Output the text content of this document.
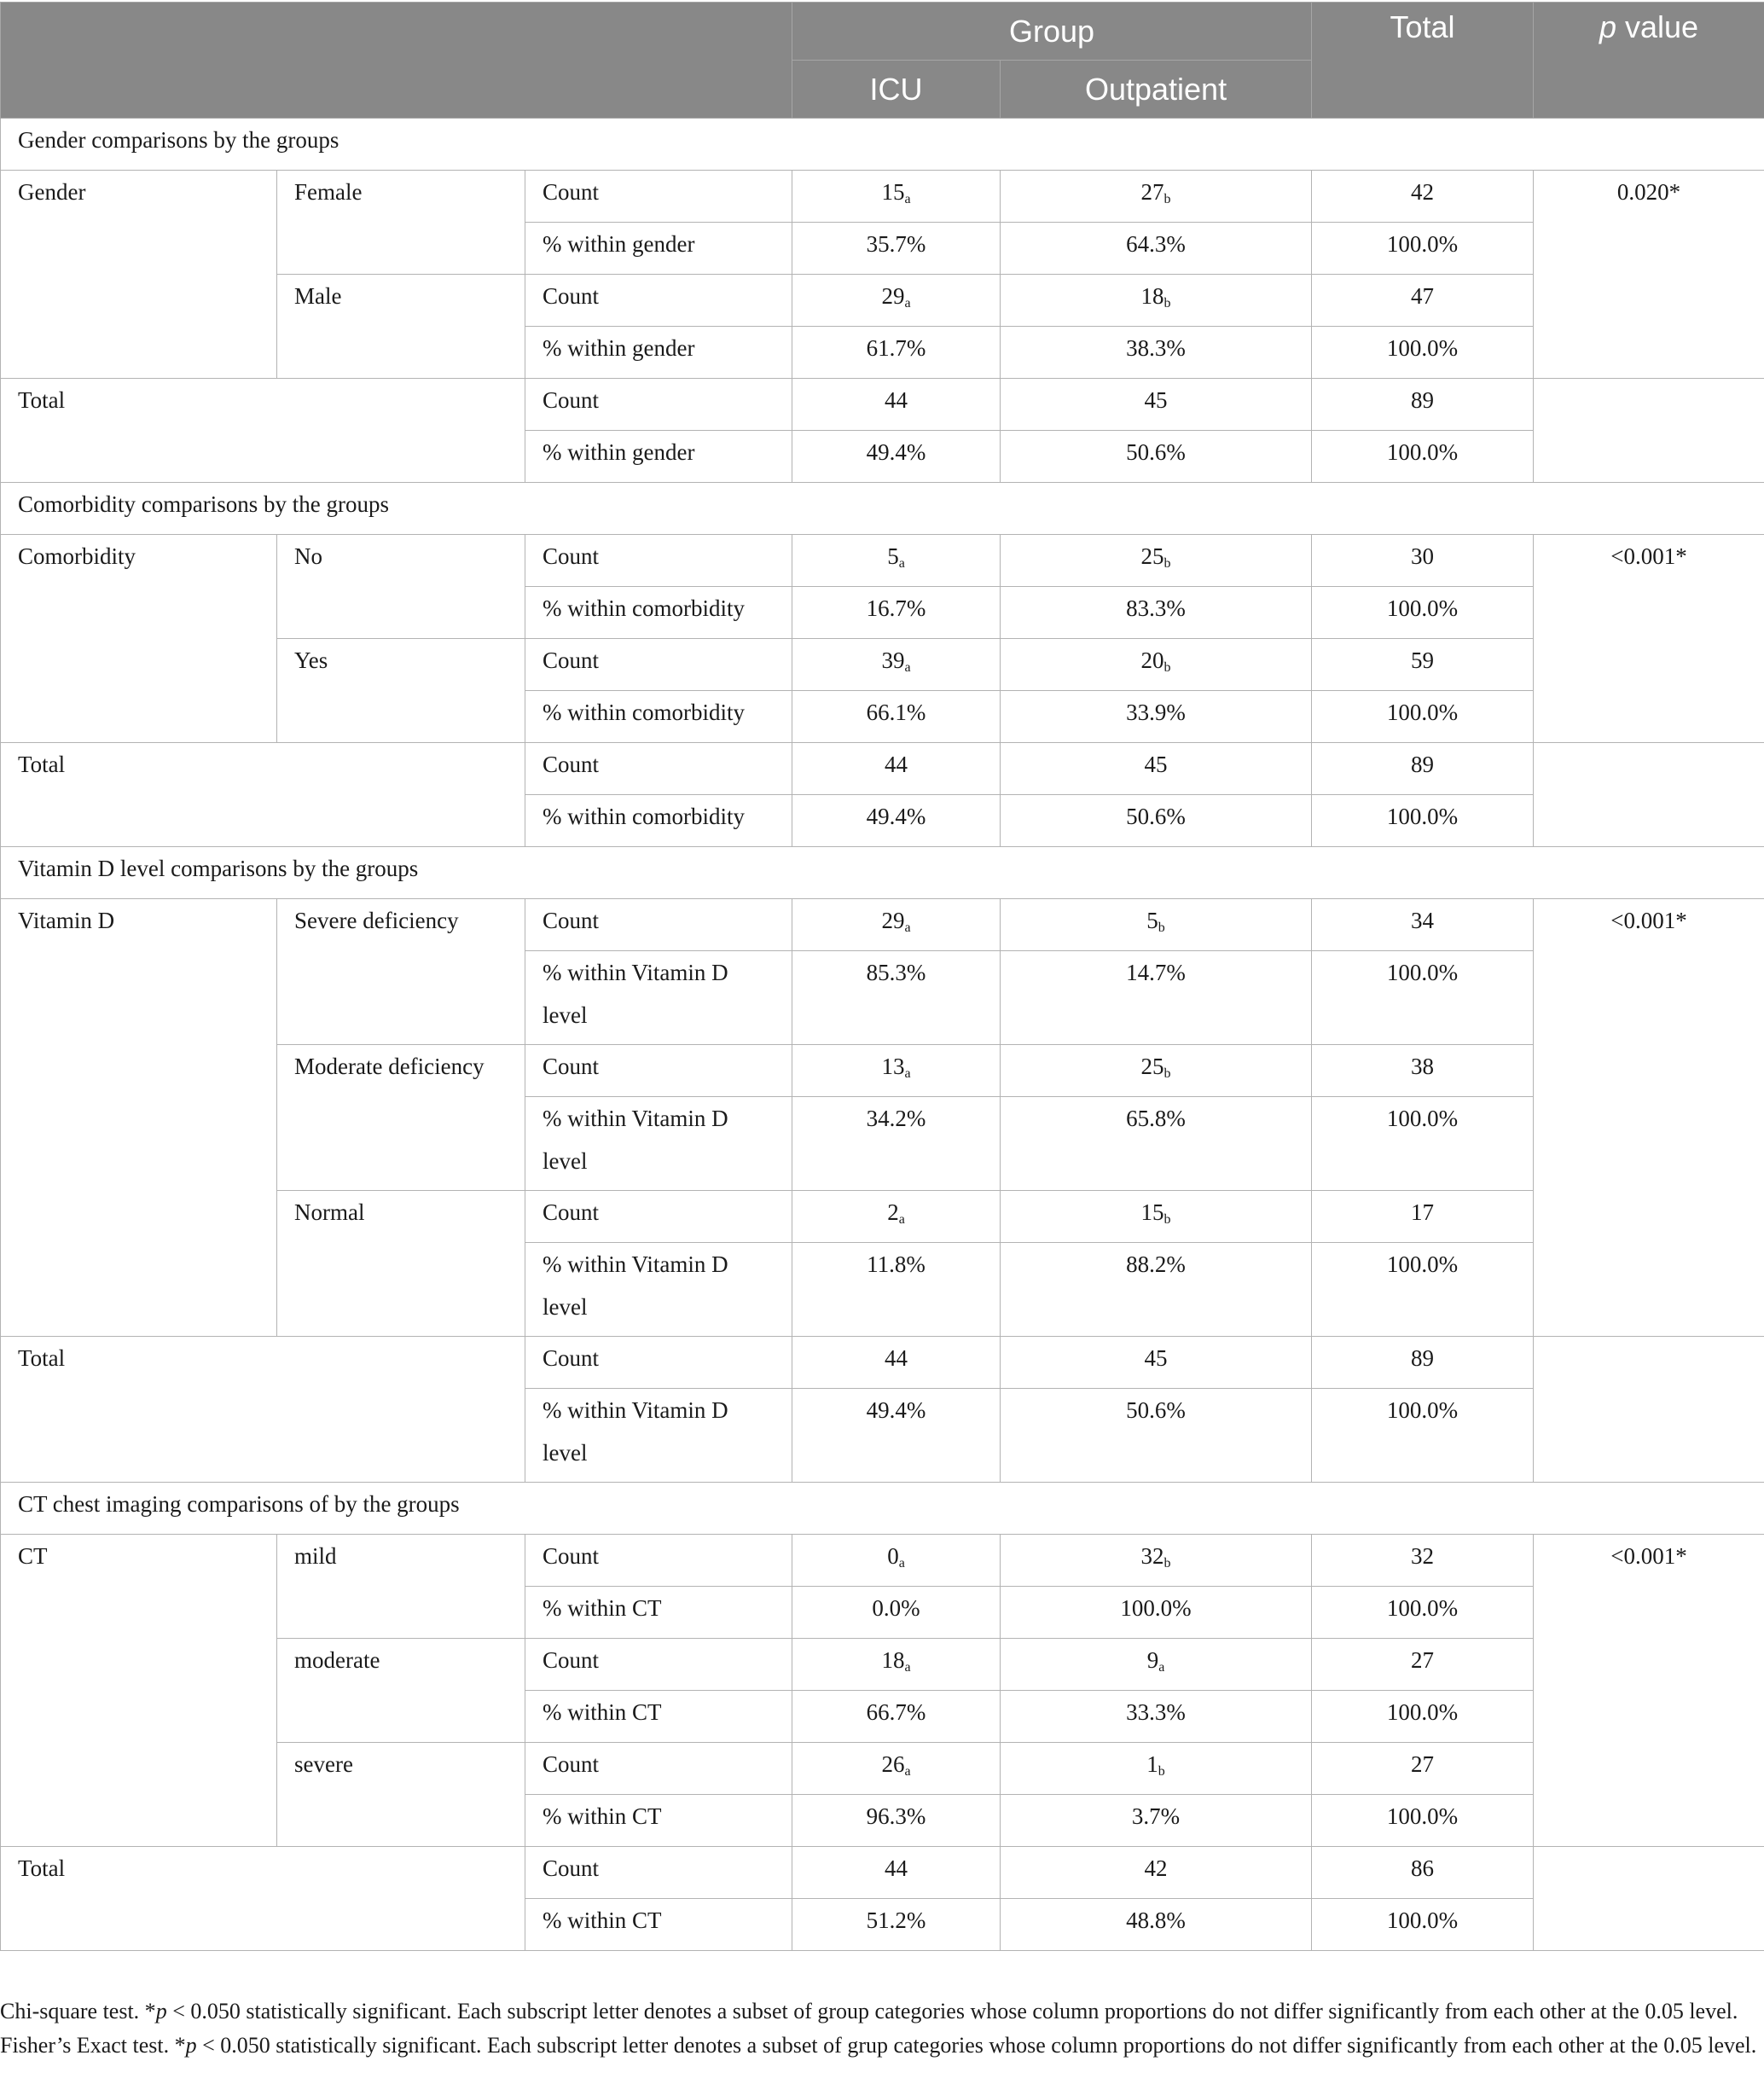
			Group		Total	p value
			ICU	Outpatient		
Gender comparisons by the groups						
Gender	Female	Count	$15_a$	$27_b$	42	0.020*
		% within gender	35.7%	64.3%	100.0%	
	Male	Count	$29_a$	$18_b$	47	
		% within gender	61.7%	38.3%	100.0%	
Total		Count	44	45	89	
		% within gender	49.4%	50.6%	100.0%	
Comorbidity comparisons by the groups						
Comorbidity	No	Count	$5_a$	$25_b$	30	<0.001*
		% within comorbidity	16.7%	83.3%	100.0%	
	Yes	Count	$39_a$	$20_b$	59	
		% within comorbidity	66.1%	33.9%	100.0%	
Total		Count	44	45	89	
		% within comorbidity	49.4%	50.6%	100.0%	
Vitamin D level comparisons by the groups						
Vitamin D	Severe deficiency	Count	$29_a$	$5_b$	34	<0.001*
		% within Vitamin D level	85.3%	14.7%	100.0%	
	Moderate deficiency	Count	$13_a$	$25_b$	38	
		% within Vitamin D level	34.2%	65.8%	100.0%	
	Normal	Count	$2_a$	$15_b$	17	
		% within Vitamin D level	11.8%	88.2%	100.0%	
Total		Count	44	45	89	
		% within Vitamin D level	49.4%	50.6%	100.0%	
CT chest imaging comparisons of by the groups						
CT	mild	Count	$0_a$	$32_b$	32	<0.001*
		% within CT	0.0%	100.0%	100.0%	
	moderate	Count	$18_a$	$9_a$	27	
		% within CT	66.7%	33.3%	100.0%	
	severe	Count	$26_a$	$1_b$	27	
		% within CT	96.3%	3.7%	100.0%	
Total		Count	44	42	86	
		% within CT	51.2%	48.8%	100.0%	
Chi-square test. *p < 0.050 statistically significant. Each subscript letter denotes a subset of group categories whose column proportions do not differ significantly from each other at the 0.05 level. Fisher’s Exact test. *p < 0.050 statistically significant. Each subscript letter denotes a subset of grup categories whose column proportions do not differ significantly from each other at the 0.05 level.
